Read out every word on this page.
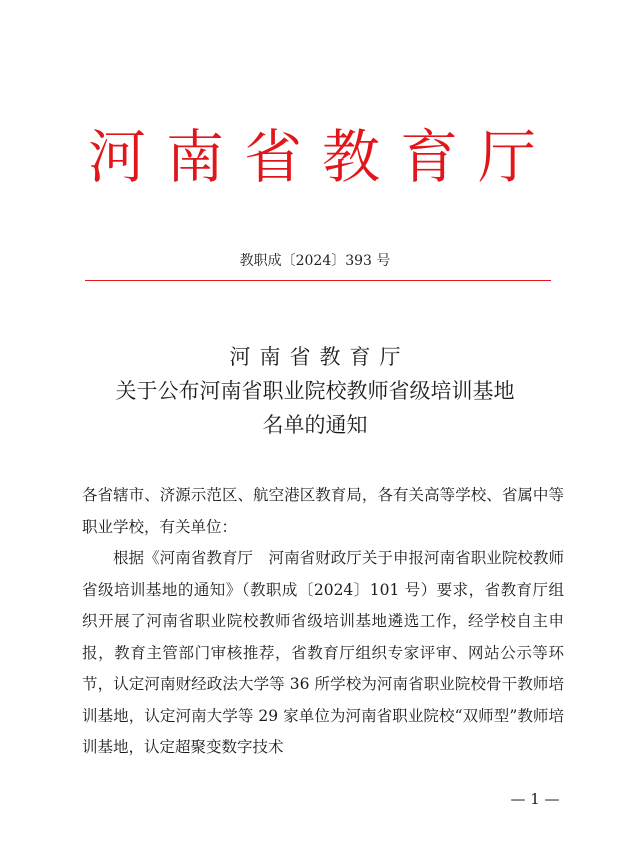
河南省教育厅
教职成〔2024〕393 号
河南省教育厅
关于公布河南省职业院校教师省级培训基地
名单的通知

各省辖市、济源示范区、航空港区教育局，各有关高等学校、省属中等职业学校，有关单位：

根据《河南省教育厅　河南省财政厅关于申报河南省职业院校教师省级培训基地的通知》（教职成〔2024〕101 号）要求，省教育厅组织开展了河南省职业院校教师省级培训基地遴选工作，经学校自主申报，教育主管部门审核推荐，省教育厅组织专家评审、网站公示等环节，认定河南财经政法大学等 36 所学校为河南省职业院校骨干教师培训基地，认定河南大学等 29 家单位为河南省职业院校“双师型”教师培训基地，认定超聚变数字技术

— 1 —
